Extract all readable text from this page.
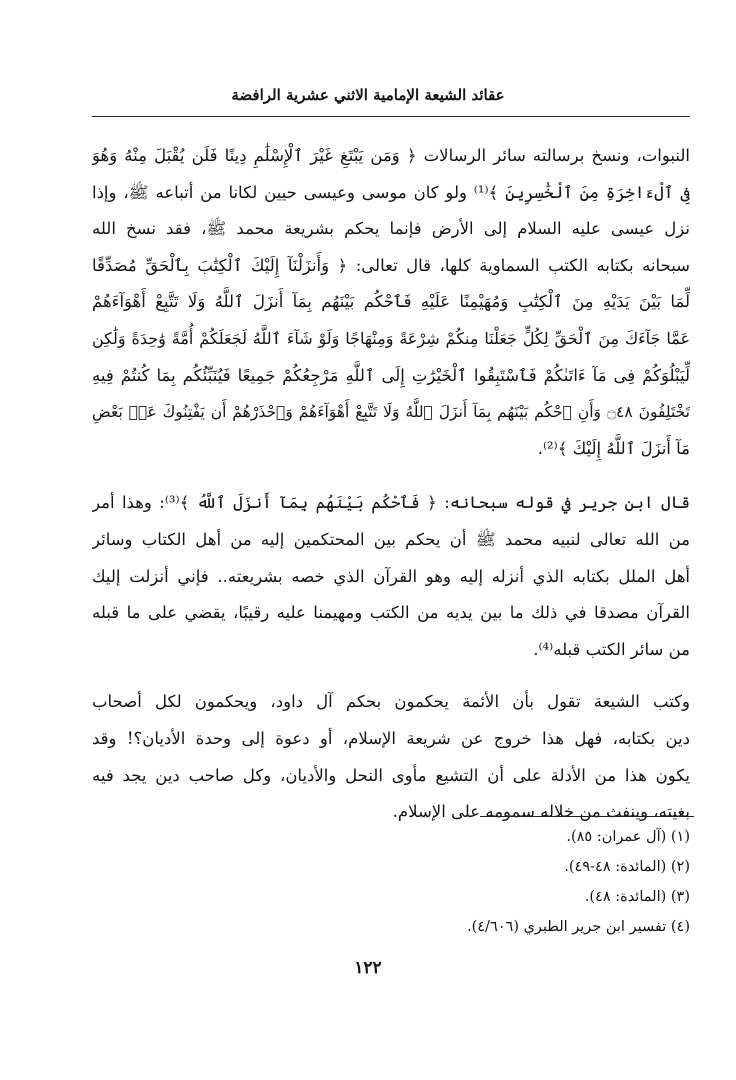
عقائد الشيعة الإمامية الاثني عشرية الرافضة
النبوات، ونسخ برسالته سائر الرسالات ﴿ وَمَن يَبْتَغِ غَيْرَ ٱلْإِسْلَٰمِ دِينًا فَلَن يُقْبَلَ مِنْهُ وَهُوَ
فِى ٱلْءَاخِرَةِ مِنَ ٱلْخَٰسِرِينَ ﴾⁽¹⁾ ولو كان موسى وعيسى حيين لكانا من أتباعه ﷺ، وإذا
نزل عيسى عليه السلام إلى الأرض فإنما يحكم بشريعة محمد ﷺ، فقد نسخ الله
سبحانه بكتابه الكتب السماوية كلها، قال تعالى: ﴿ وَأَنزَلْنَآ إِلَيْكَ ٱلْكِتَٰبَ بِٱلْحَقِّ مُصَدِّقًا
لِّمَا بَيْنَ يَدَيْهِ مِنَ ٱلْكِتَٰبِ وَمُهَيْمِنًا عَلَيْهِ فَٱحْكُم بَيْنَهُم بِمَآ أَنزَلَ ٱللَّهُ وَلَا تَتَّبِعْ أَهْوَآءَهُمْ
عَمَّا جَآءَكَ مِنَ ٱلْحَقِّ لِكُلٍّ جَعَلْنَا مِنكُمْ شِرْعَةً وَمِنْهَاجًا وَلَوْ شَآءَ ٱللَّهُ لَجَعَلَكُمْ أُمَّةً وَٰحِدَةً وَلَٰكِن
لِّيَبْلُوَكُمْ فِى مَآ ءَاتَىٰكُمْ فَٱسْتَبِقُوا ٱلْخَيْرَٰتِ إِلَى ٱللَّهِ مَرْجِعُكُمْ جَمِيعًا فَيُنَبِّئُكُم بِمَا كُنتُمْ فِيهِ
تَخْتَلِفُونَ ۝٤٨ وَأَنِ ٱحْكُم بَيْنَهُم بِمَآ أَنزَلَ ٱللَّهُ وَلَا تَتَّبِعْ أَهْوَآءَهُمْ وَٱحْذَرْهُمْ أَن يَفْتِنُوكَ عَنۢ بَعْضِ
مَآ أَنزَلَ ٱللَّهُ إِلَيْكَ ﴾⁽²⁾.
قال ابن جرير في قوله سبحانه: ﴿ فَٱحْكُم بَيْنَهُم بِمَآ أَنزَلَ ٱللَّهُ ﴾⁽³⁾: وهذا أمر
من الله تعالى لنبيه محمد ﷺ أن يحكم بين المحتكمين إليه من أهل الكتاب وسائر
أهل الملل بكتابه الذي أنزله إليه وهو القرآن الذي خصه بشريعته.. فإني أنزلت إليك
القرآن مصدقا في ذلك ما بين يديه من الكتب ومهيمنا عليه رقيبًا، يقضي على ما قبله
من سائر الكتب قبله⁽⁴⁾.
وكتب الشيعة تقول بأن الأئمة يحكمون بحكم آل داود، ويحكمون لكل أصحاب
دين بكتابه، فهل هذا خروج عن شريعة الإسلام، أو دعوة إلى وحدة الأديان؟! وقد
يكون هذا من الأدلة على أن التشيع مأوى النحل والأديان، وكل صاحب دين يجد فيه
بغيته، وينفث من خلاله سمومه على الإسلام.
(١) (آل عمران: ٨٥).
(٢) (المائدة: ٤٨-٤٩).
(٣) (المائدة: ٤٨).
(٤) تفسير ابن جرير الطبري (٤/٦٠٦).
١٢٢
